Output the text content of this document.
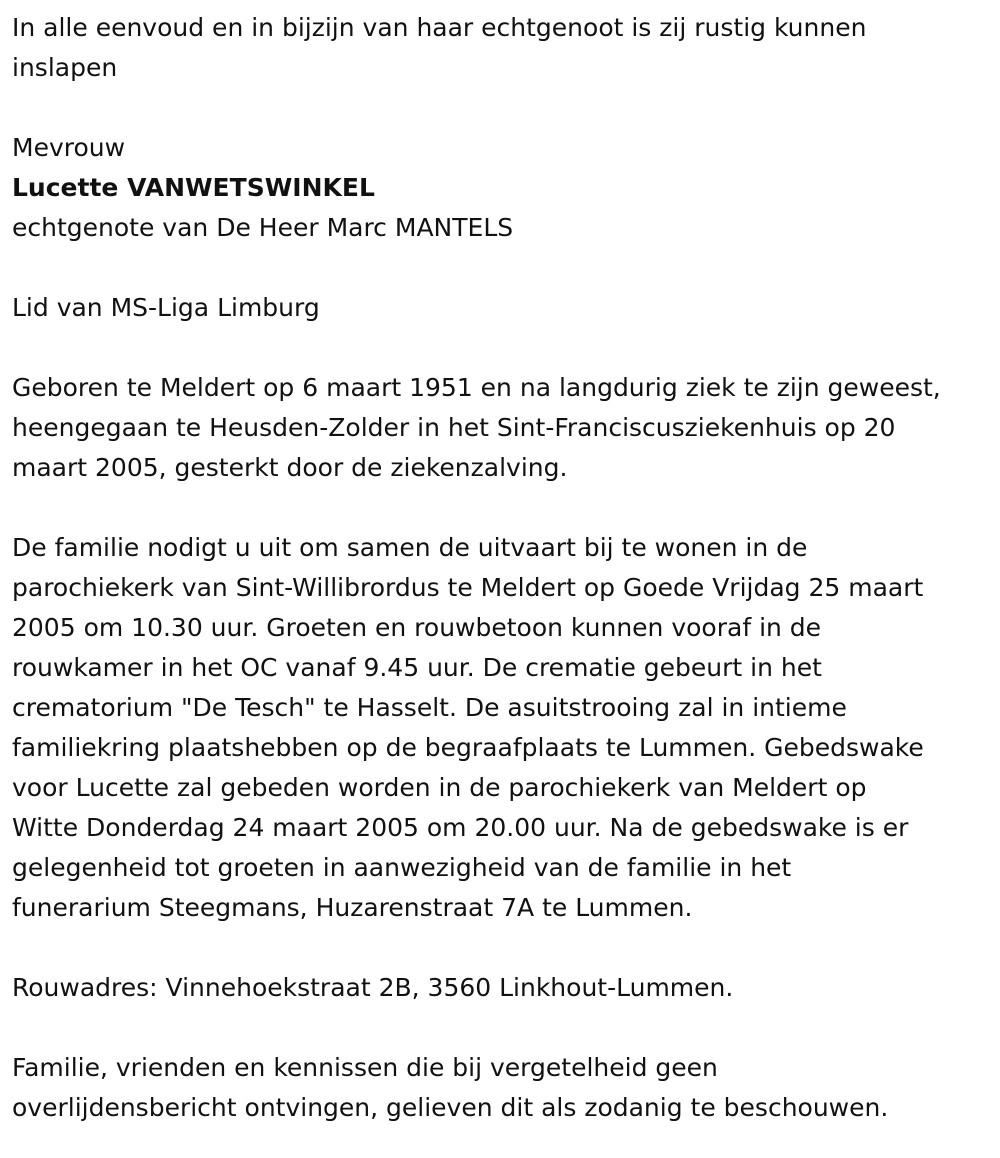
In alle eenvoud en in bijzijn van haar echtgenoot is zij rustig kunnen
inslapen
Mevrouw
Lucette VANWETSWINKEL
echtgenote van De Heer Marc MANTELS
Lid van MS-Liga Limburg
Geboren te Meldert op 6 maart 1951 en na langdurig ziek te zijn geweest,
heengegaan te Heusden-Zolder in het Sint-Franciscusziekenhuis op 20
maart 2005, gesterkt door de ziekenzalving.
De familie nodigt u uit om samen de uitvaart bij te wonen in de
parochiekerk van Sint-Willibrordus te Meldert op Goede Vrijdag 25 maart
2005 om 10.30 uur. Groeten en rouwbetoon kunnen vooraf in de
rouwkamer in het OC vanaf 9.45 uur. De crematie gebeurt in het
crematorium "De Tesch" te Hasselt. De asuitstrooing zal in intieme
familiekring plaatshebben op de begraafplaats te Lummen. Gebedswake
voor Lucette zal gebeden worden in de parochiekerk van Meldert op
Witte Donderdag 24 maart 2005 om 20.00 uur. Na de gebedswake is er
gelegenheid tot groeten in aanwezigheid van de familie in het
funerarium Steegmans, Huzarenstraat 7A te Lummen.
Rouwadres: Vinnehoekstraat 2B, 3560 Linkhout-Lummen.
Familie, vrienden en kennissen die bij vergetelheid geen
overlijdensbericht ontvingen, gelieven dit als zodanig te beschouwen.
